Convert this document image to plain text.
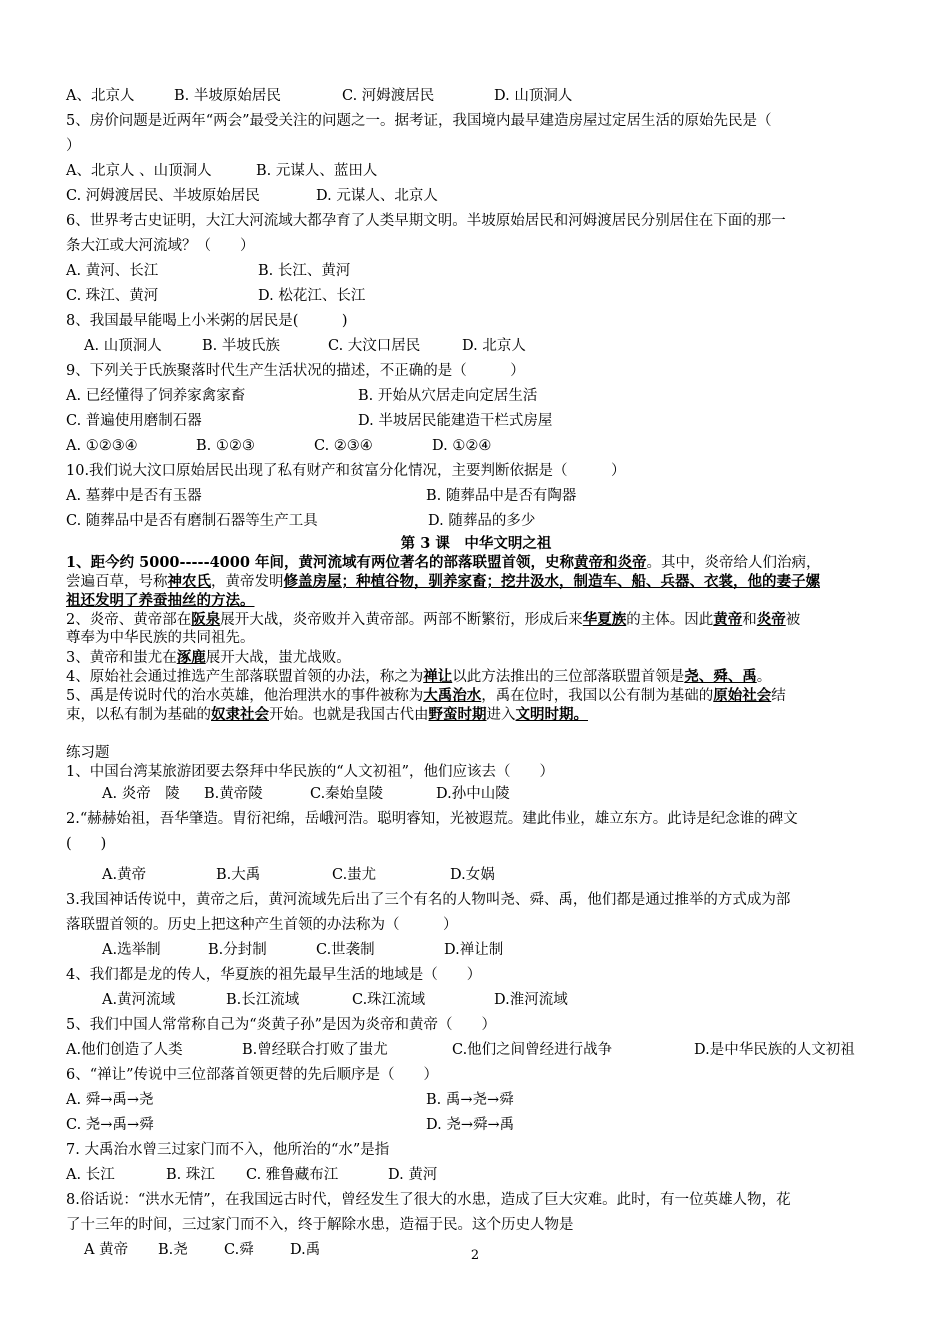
A、北京人	B. 半坡原始居民	C. 河姆渡居民	D. 山顶洞人
5、房价问题是近两年“两会”最受关注的问题之一。据考证，我国境内最早建造房屋过定居生活的原始先民是（
）
A、北京人 、山顶洞人	B. 元谋人、蓝田人
C. 河姆渡居民、半坡原始居民	D. 元谋人、北京人
6、世界考古史证明，大江大河流域大都孕育了人类早期文明。半坡原始居民和河姆渡居民分别居住在下面的那一
条大江或大河流域？（　　）
A. 黄河、长江	B. 长江、黄河
C. 珠江、黄河	D. 松花江、长江
8、我国最早能喝上小米粥的居民是(　　　)
A. 山顶洞人	B. 半坡氏族	C. 大汶口居民	D. 北京人
9、下列关于氏族聚落时代生产生活状况的描述，不正确的是（　　　）
A. 已经懂得了饲养家禽家畜	B. 开始从穴居走向定居生活
C. 普遍使用磨制石器	D. 半坡居民能建造干栏式房屋
A. ①②③④	B. ①②③	C. ②③④	D. ①②④
10.我们说大汶口原始居民出现了私有财产和贫富分化情况，主要判断依据是（　　　）
A. 墓葬中是否有玉器	B. 随葬品中是否有陶器
C. 随葬品中是否有磨制石器等生产工具	D. 随葬品的多少
第 3 课　中华文明之祖
1、距今约 5000-----4000 年间，黄河流域有两位著名的部落联盟首领，史称黄帝和炎帝。其中，炎帝给人们治病，
尝遍百草，号称神农氏，黄帝发明修盖房屋；种植谷物，驯养家畜；挖井汲水，制造车、船、兵器、衣裳，他的妻子嫘
祖还发明了养蚕抽丝的方法。
2、炎帝、黄帝部在阪泉展开大战，炎帝败并入黄帝部。两部不断繁衍，形成后来华夏族的主体。因此黄帝和炎帝被
尊奉为中华民族的共同祖先。
3、黄帝和蚩尤在涿鹿展开大战，蚩尤战败。
4、原始社会通过推选产生部落联盟首领的办法，称之为禅让以此方法推出的三位部落联盟首领是尧、舜、禹。
5、禹是传说时代的治水英雄，他治理洪水的事件被称为大禹治水，禹在位时，我国以公有制为基础的原始社会结
束，以私有制为基础的奴隶社会开始。也就是我国古代由野蛮时期进入文明时期。
练习题
1、中国台湾某旅游团要去祭拜中华民族的“人文初祖”，他们应该去（　　）
A. 炎帝　陵 B.黄帝陵	C.秦始皇陵	D.孙中山陵
2.“赫赫始祖，吾华肇造。胄衍祀绵，岳峨河浩。聪明睿知，光被遐荒。建此伟业，雄立东方。此诗是纪念谁的碑文
(　　)
A.黄帝	B.大禹	C.蚩尤	D.女娲
3.我国神话传说中，黄帝之后，黄河流域先后出了三个有名的人物叫尧、舜、禹，他们都是通过推举的方式成为部
落联盟首领的。历史上把这种产生首领的办法称为（　　　）
A.选举制	B.分封制	C.世袭制	D.禅让制
4、我们都是龙的传人，华夏族的祖先最早生活的地域是（　　）
A.黄河流域	B.长江流域	C.珠江流域	D.淮河流域
5、我们中国人常常称自己为“炎黄子孙”是因为炎帝和黄帝（　　）
A.他们创造了人类	B.曾经联合打败了蚩尤	C.他们之间曾经进行战争	D.是中华民族的人文初祖
6、“禅让”传说中三位部落首领更替的先后顺序是（　　）
A. 舜→禹→尧	B. 禹→尧→舜
C. 尧→禹→舜	D. 尧→舜→禹
7. 大禹治水曾三过家门而不入，他所治的“水”是指
A. 长江	B. 珠江 C. 雅鲁藏布江	D. 黄河
8.俗话说：“洪水无情”，在我国远古时代，曾经发生了很大的水患，造成了巨大灾难。此时，有一位英雄人物，花
了十三年的时间，三过家门而不入，终于解除水患，造福于民。这个历史人物是
A 黄帝 B.尧 C.舜	D.禹	2
